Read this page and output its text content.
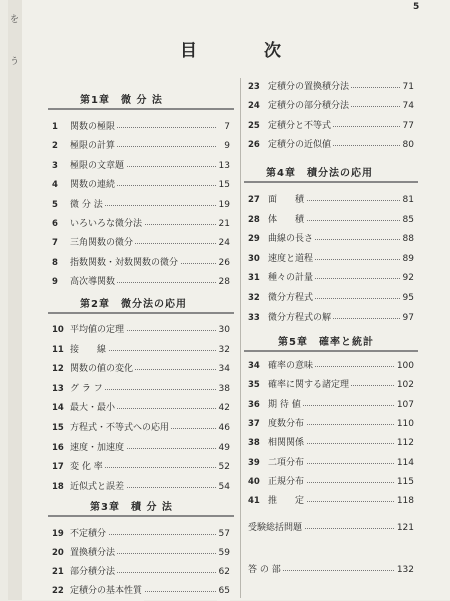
を
う
5
目	次
第1章　微 分 法
1 関数の極限	7
2 極限の計算	9
3 極限の文章題	13
4 関数の連続	15
5 微 分 法	19
6 いろいろな微分法	21
7 三角関数の微分	24
8 指数関数・対数関数の微分	26
9 高次導関数	28
第2章　微分法の応用
10 平均値の定理	30
11 接　　線	32
12 関数の値の変化	34
13 グ ラ フ	38
14 最大・最小	42
15 方程式・不等式への応用	46
16 速度・加速度	49
17 変 化 率	52
18 近似式と誤差	54
第3章　積 分 法
19 不定積分	57
20 置換積分法	59
21 部分積分法	62
22 定積分の基本性質	65
23 定積分の置換積分法	71
24 定積分の部分積分法	74
25 定積分と不等式	77
26 定積分の近似値	80
第4章　積分法の応用
27 面　　積	81
28 体　　積	85
29 曲線の長さ	88
30 速度と道程	89
31 種々の計量	92
32 微分方程式	95
33 微分方程式の解	97
第5章　確率と統計
34 確率の意味	100
35 確率に関する諸定理	102
36 期 待 値	107
37 度数分布	110
38 相関関係	112
39 二項分布	114
40 正規分布	115
41 推　　定	118
受験総括問題	121
答 の 部	132
